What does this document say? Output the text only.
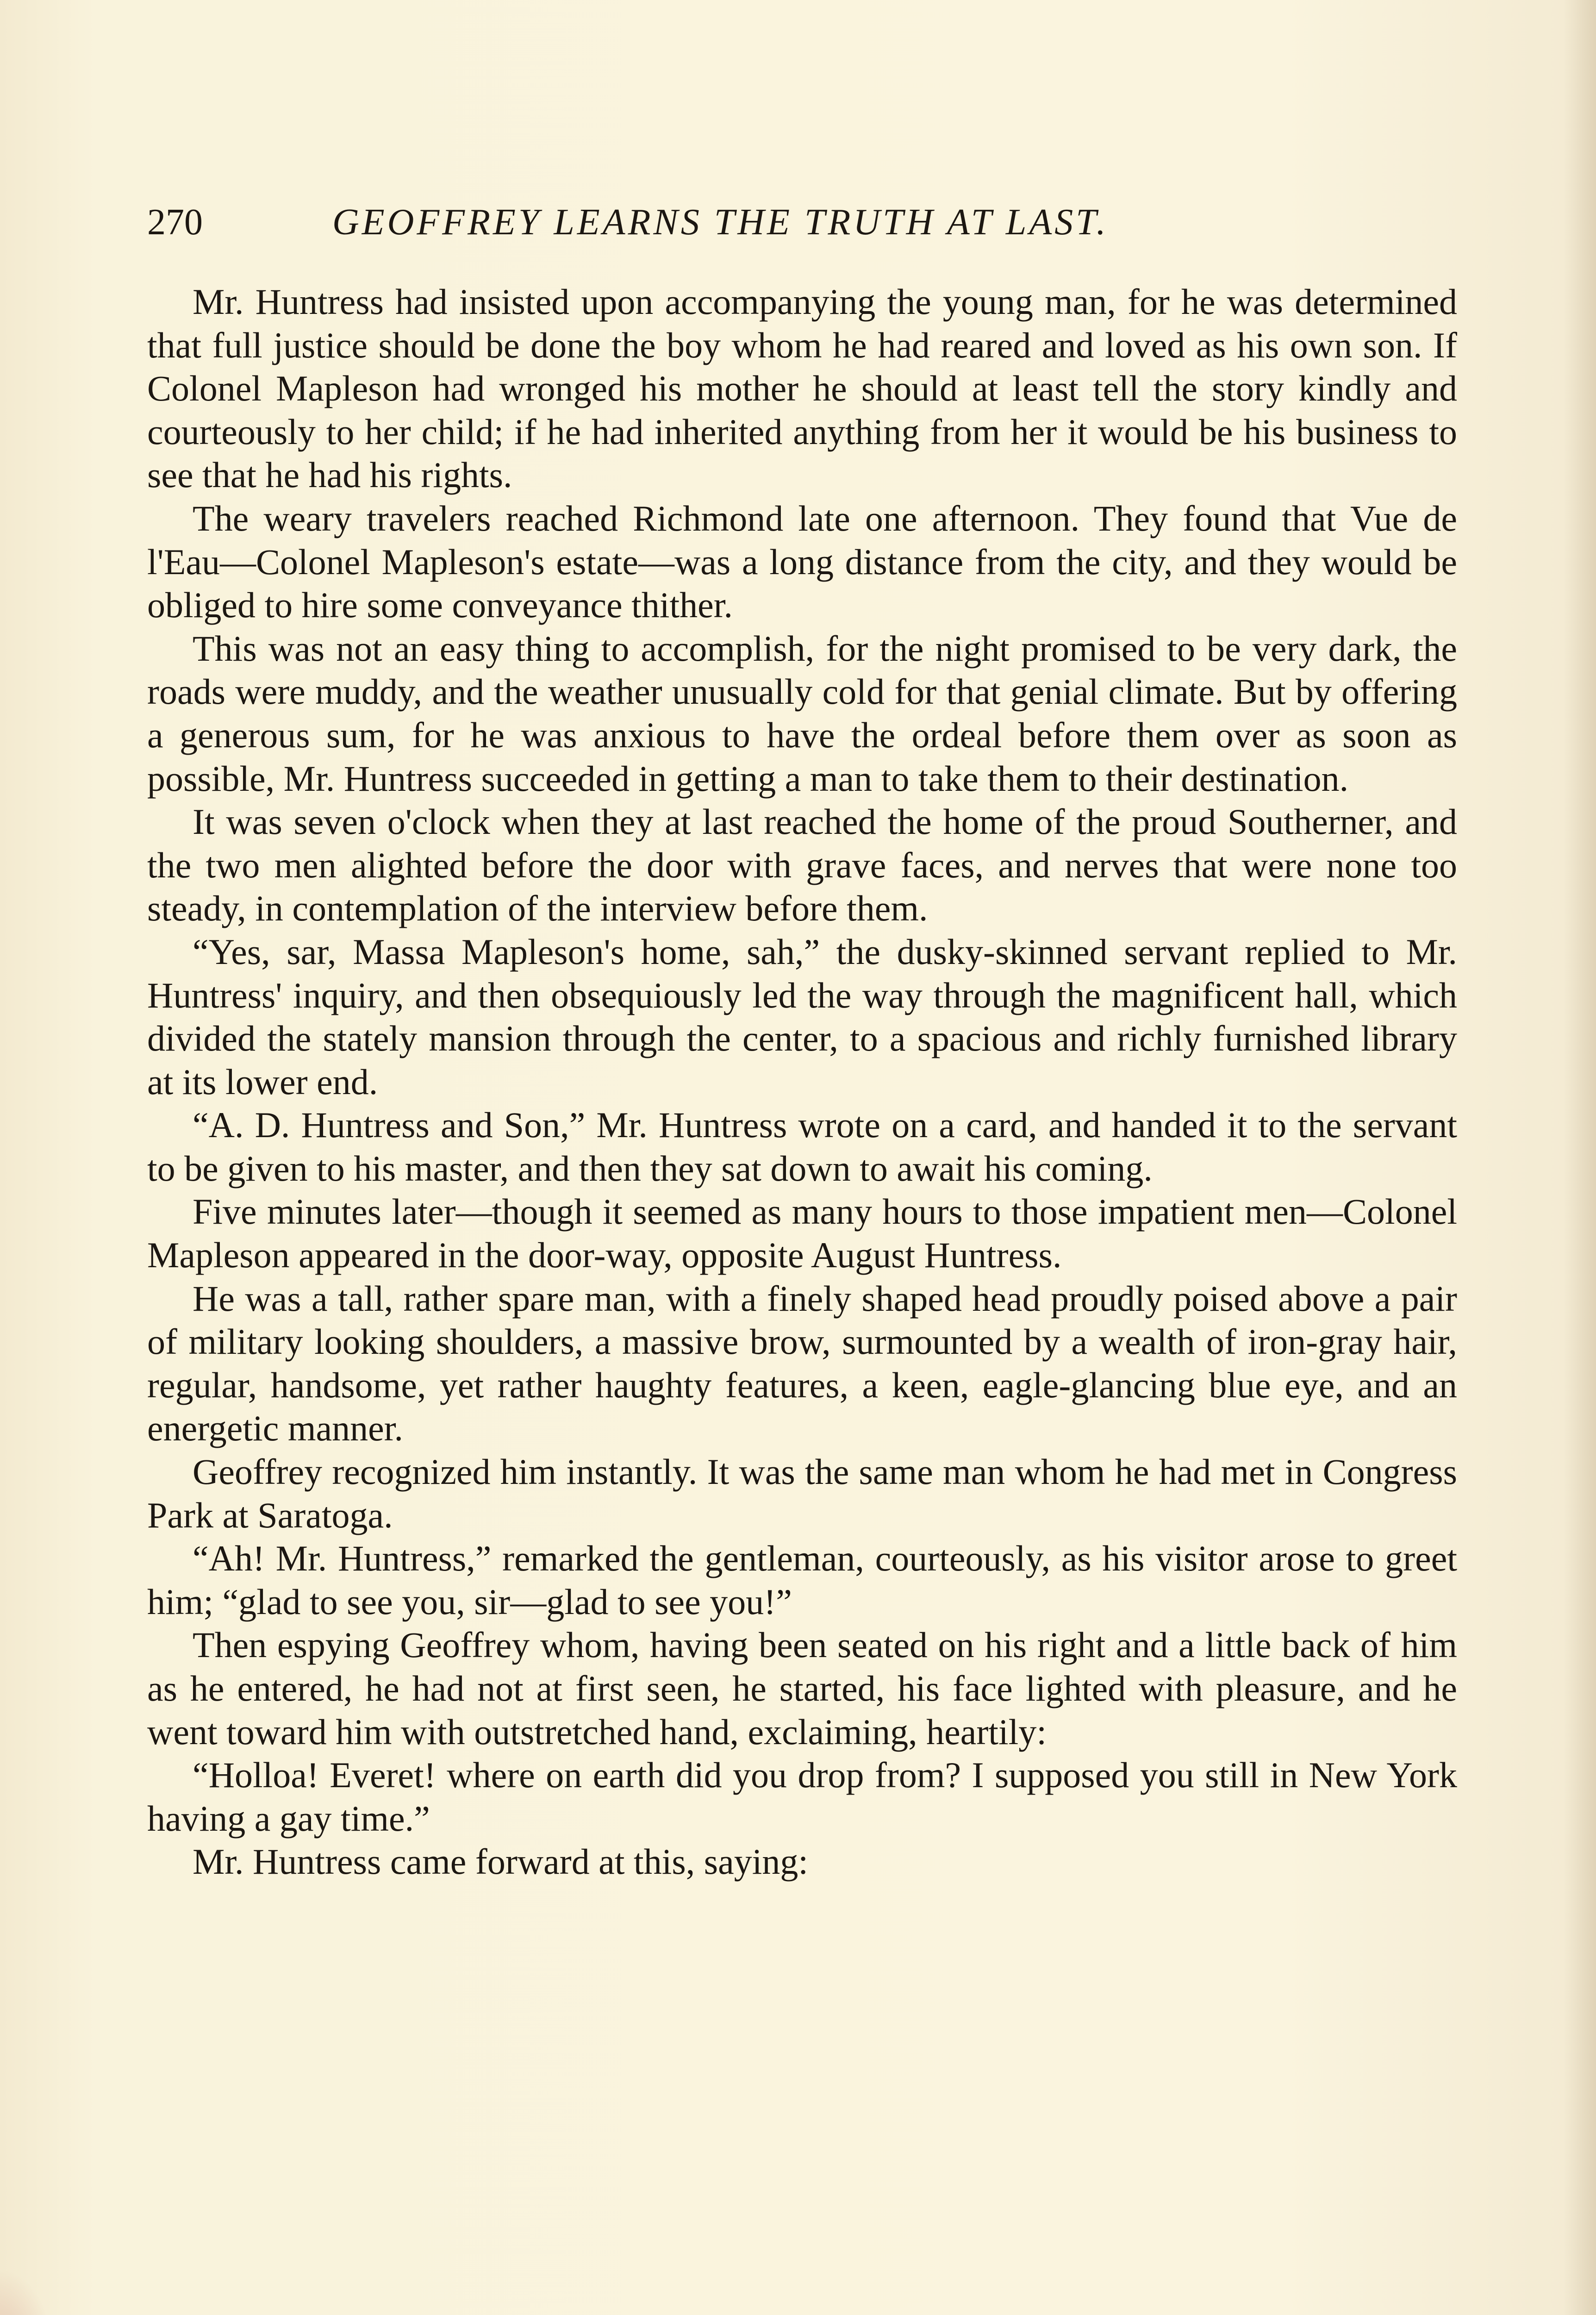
270	GEOFFREY LEARNS THE TRUTH AT LAST.

Mr. Huntress had insisted upon accompanying the young man, for he was determined that full justice should be done the boy whom he had reared and loved as his own son. If Colonel Mapleson had wronged his mother he should at least tell the story kindly and courteously to her child; if he had inherited anything from her it would be his business to see that he had his rights.

The weary travelers reached Richmond late one afternoon. They found that Vue de l'Eau—Colonel Mapleson's estate—was a long distance from the city, and they would be obliged to hire some conveyance thither.

This was not an easy thing to accomplish, for the night promised to be very dark, the roads were muddy, and the weather unusually cold for that genial climate. But by offering a generous sum, for he was anxious to have the ordeal before them over as soon as possible, Mr. Huntress succeeded in getting a man to take them to their destination.

It was seven o'clock when they at last reached the home of the proud Southerner, and the two men alighted before the door with grave faces, and nerves that were none too steady, in contemplation of the interview before them.

“Yes, sar, Massa Mapleson's home, sah,” the dusky-skinned servant replied to Mr. Huntress' inquiry, and then obsequiously led the way through the magnificent hall, which divided the stately mansion through the center, to a spacious and richly furnished library at its lower end.

“A. D. Huntress and Son,” Mr. Huntress wrote on a card, and handed it to the servant to be given to his master, and then they sat down to await his coming.

Five minutes later—though it seemed as many hours to those impatient men—Colonel Mapleson appeared in the door-way, opposite August Huntress.

He was a tall, rather spare man, with a finely shaped head proudly poised above a pair of military looking shoulders, a massive brow, surmounted by a wealth of iron-gray hair, regular, handsome, yet rather haughty features, a keen, eagle-glancing blue eye, and an energetic manner.

Geoffrey recognized him instantly. It was the same man whom he had met in Congress Park at Saratoga.

“Ah! Mr. Huntress,” remarked the gentleman, courteously, as his visitor arose to greet him; “glad to see you, sir—glad to see you!”

Then espying Geoffrey whom, having been seated on his right and a little back of him as he entered, he had not at first seen, he started, his face lighted with pleasure, and he went toward him with outstretched hand, exclaiming, heartily:

“Holloa! Everet! where on earth did you drop from? I supposed you still in New York having a gay time.”

Mr. Huntress came forward at this, saying:
